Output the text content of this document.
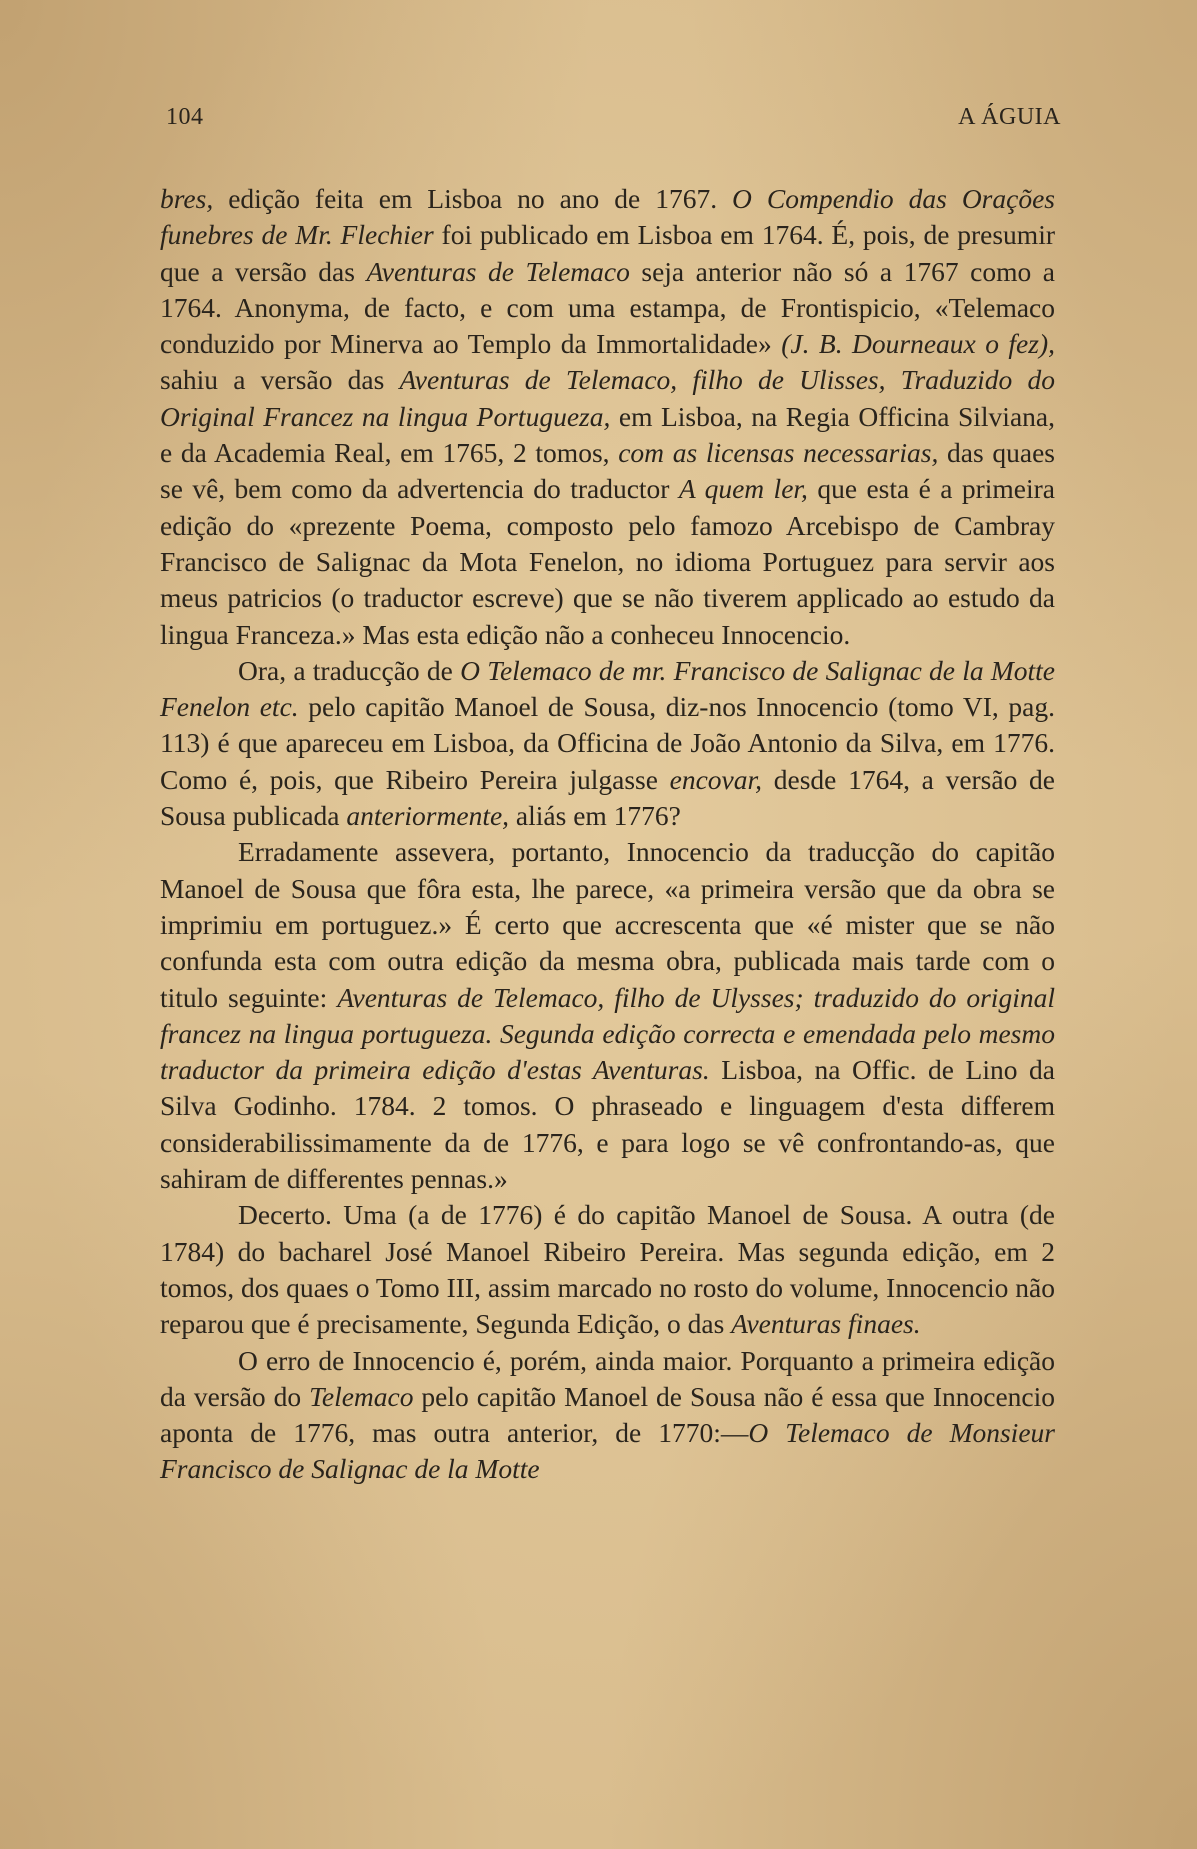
104	A ÁGUIA

bres, edição feita em Lisboa no ano de 1767. O Compendio das Orações funebres de Mr. Flechier foi publicado em Lisboa em 1764. É, pois, de presumir que a versão das Aventuras de Telemaco seja anterior não só a 1767 como a 1764. Anonyma, de facto, e com uma estampa, de Frontispicio, «Telemaco conduzido por Minerva ao Templo da Immortalidade» (J. B. Dourneaux o fez), sahiu a versão das Aventuras de Telemaco, filho de Ulisses, Traduzido do Original Francez na lingua Portugueza, em Lisboa, na Regia Officina Silviana, e da Academia Real, em 1765, 2 tomos, com as licensas necessarias, das quaes se vê, bem como da advertencia do traductor A quem ler, que esta é a primeira edição do «prezente Poema, composto pelo famozo Arcebispo de Cambray Francisco de Salignac da Mota Fenelon, no idioma Portuguez para servir aos meus patricios (o traductor escreve) que se não tiverem applicado ao estudo da lingua Franceza.» Mas esta edição não a conheceu Innocencio.

Ora, a traducção de O Telemaco de mr. Francisco de Salignac de la Motte Fenelon etc. pelo capitão Manoel de Sousa, diz-nos Innocencio (tomo VI, pag. 113) é que apareceu em Lisboa, da Officina de João Antonio da Silva, em 1776. Como é, pois, que Ribeiro Pereira julgasse encovar, desde 1764, a versão de Sousa publicada anteriormente, aliás em 1776?

Erradamente assevera, portanto, Innocencio da traducção do capitão Manoel de Sousa que fôra esta, lhe parece, «a primeira versão que da obra se imprimiu em portuguez.» É certo que accrescenta que «é mister que se não confunda esta com outra edição da mesma obra, publicada mais tarde com o titulo seguinte: Aventuras de Telemaco, filho de Ulysses; traduzido do original francez na lingua portugueza. Segunda edição correcta e emendada pelo mesmo traductor da primeira edição d'estas Aventuras. Lisboa, na Offic. de Lino da Silva Godinho. 1784. 2 tomos. O phraseado e linguagem d'esta differem considerabilissimamente da de 1776, e para logo se vê confrontando-as, que sahiram de differentes pennas.»

Decerto. Uma (a de 1776) é do capitão Manoel de Sousa. A outra (de 1784) do bacharel José Manoel Ribeiro Pereira. Mas segunda edição, em 2 tomos, dos quaes o Tomo III, assim marcado no rosto do volume, Innocencio não reparou que é precisamente, Segunda Edição, o das Aventuras finaes.

O erro de Innocencio é, porém, ainda maior. Porquanto a primeira edição da versão do Telemaco pelo capitão Manoel de Sousa não é essa que Innocencio aponta de 1776, mas outra anterior, de 1770:—O Telemaco de Monsieur Francisco de Salignac de la Motte
